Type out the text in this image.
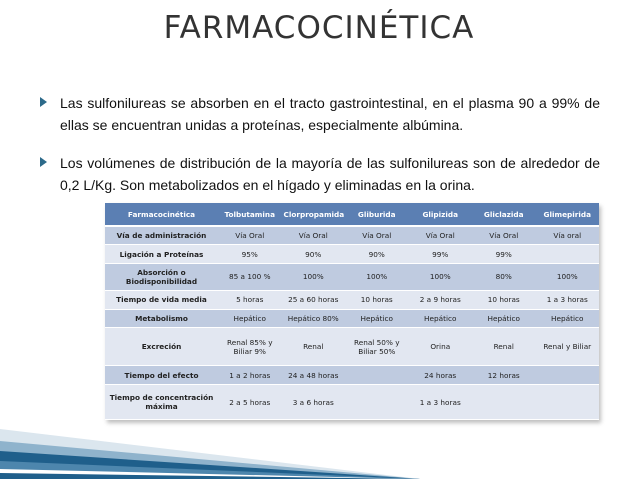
FARMACOCINÉTICA
Las sulfonilureas se absorben en el tracto gastrointestinal, en el plasma 90 a 99% de ellas se encuentran unidas a proteínas, especialmente albúmina.
Los volúmenes de distribución de la mayoría de las sulfonilureas son de alrededor de 0,2 L/Kg. Son metabolizados en el hígado y eliminadas en la orina.
Farmacocinética	Tolbutamina	Clorpropamida	Gliburida	Glipizida	Gliclazida	Glimepirida
Vía de administración	Vía Oral	Vía Oral	Vía Oral	Vía Oral	Vía Oral	Vía oral
Ligación a Proteínas	95%	90%	90%	99%	99%	
Absorción o Biodisponibilidad	85 a 100 %	100%	100%	100%	80%	100%
Tiempo de vida media	5 horas	25 a 60 horas	10 horas	2 a 9 horas	10 horas	1 a 3 horas
Metabolismo	Hepático	Hepático 80%	Hepático	Hepático	Hepático	Hepático
Excreción	Renal 85% y Biliar 9%	Renal	Renal 50% y Biliar 50%	Orina	Renal	Renal y Biliar
Tiempo del efecto	1 a 2 horas	24 a 48 horas		24 horas	12 horas	
Tiempo de concentración máxima	2 a 5 horas	3 a 6 horas		1 a 3 horas		
